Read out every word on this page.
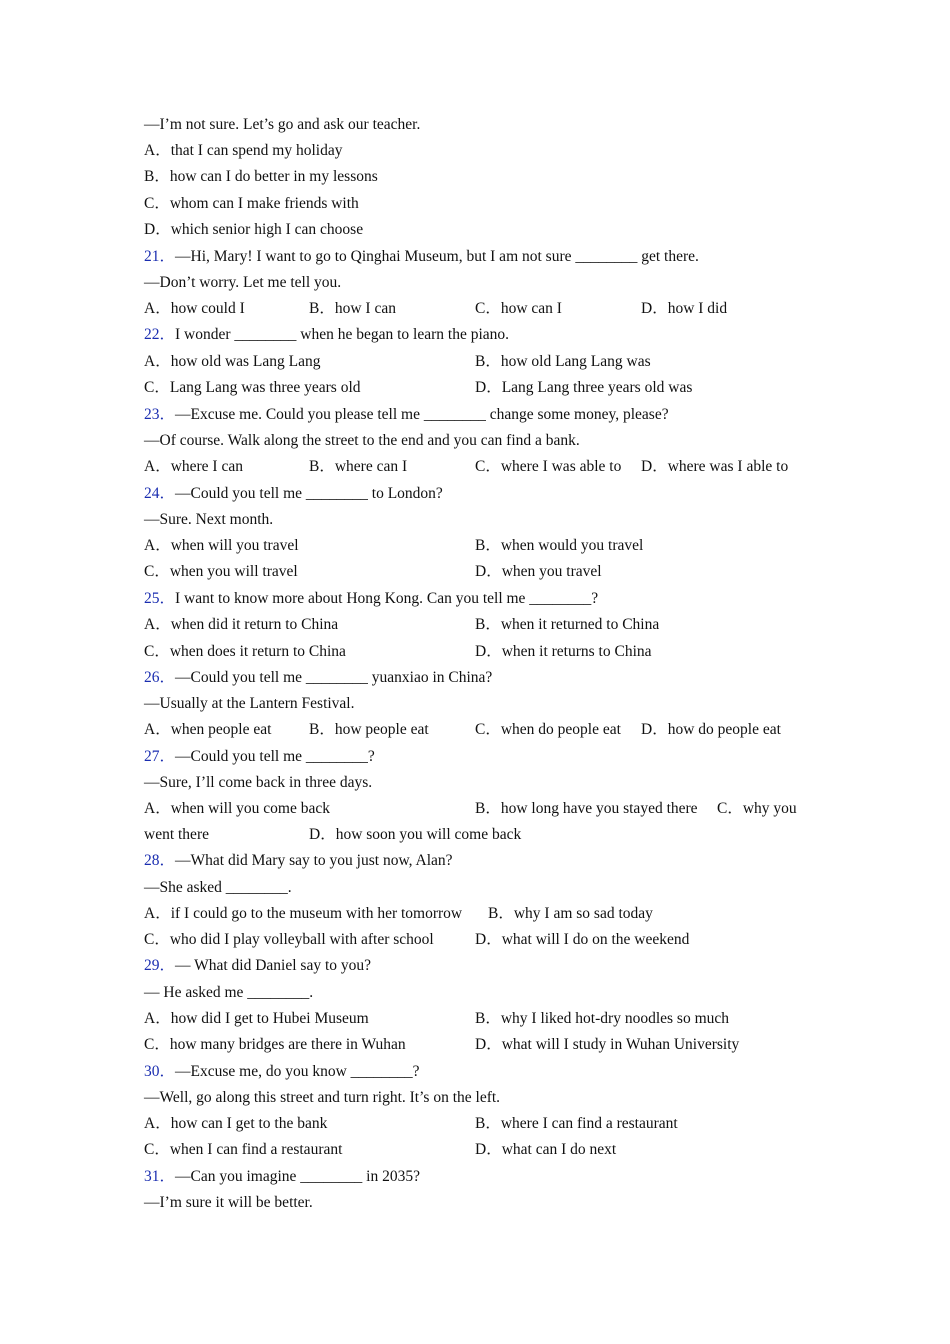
—I’m not sure. Let’s go and ask our teacher.
A．that I can spend my holiday
B．how can I do better in my lessons
C．whom can I make friends with
D．which senior high I can choose
21．—Hi, Mary! I want to go to Qinghai Museum, but I am not sure ________ get there.
—Don’t worry. Let me tell you.
A．how could I	B．how I can	C．how can I	D．how I did
22．I wonder ________ when he began to learn the piano.
A．how old was Lang Lang	B．how old Lang Lang was
C．Lang Lang was three years old	D．Lang Lang three years old was
23．—Excuse me. Could you please tell me ________ change some money, please?
—Of course. Walk along the street to the end and you can find a bank.
A．where I can	B．where can I	C．where I was able to D．where was I able to
24．—Could you tell me ________ to London?
—Sure. Next month.
A．when will you travel	B．when would you travel
C．when you will travel	D．when you travel
25．I want to know more about Hong Kong. Can you tell me ________?
A．when did it return to China	B．when it returned to China
C．when does it return to China	D．when it returns to China
26．—Could you tell me ________ yuanxiao in China?
—Usually at the Lantern Festival.
A．when people eat B．how people eat	C．when do people eat D．how do people eat
27．—Could you tell me ________?
—Sure, I’ll come back in three days.
A．when will you come back	B．how long have you stayed there C．why you
went there	D．how soon you will come back
28．—What did Mary say to you just now, Alan?
—She asked ________.
A．if I could go to the museum with her tomorrow B．why I am so sad today
C．who did I play volleyball with after school	D．what will I do on the weekend
29．— What did Daniel say to you?
— He asked me ________.
A．how did I get to Hubei Museum	B．why I liked hot-dry noodles so much
C．how many bridges are there in Wuhan	D．what will I study in Wuhan University
30．—Excuse me, do you know ________?
—Well, go along this street and turn right. It’s on the left.
A．how can I get to the bank	B．where I can find a restaurant
C．when I can find a restaurant	D．what can I do next
31．—Can you imagine ________ in 2035?
—I’m sure it will be better.
